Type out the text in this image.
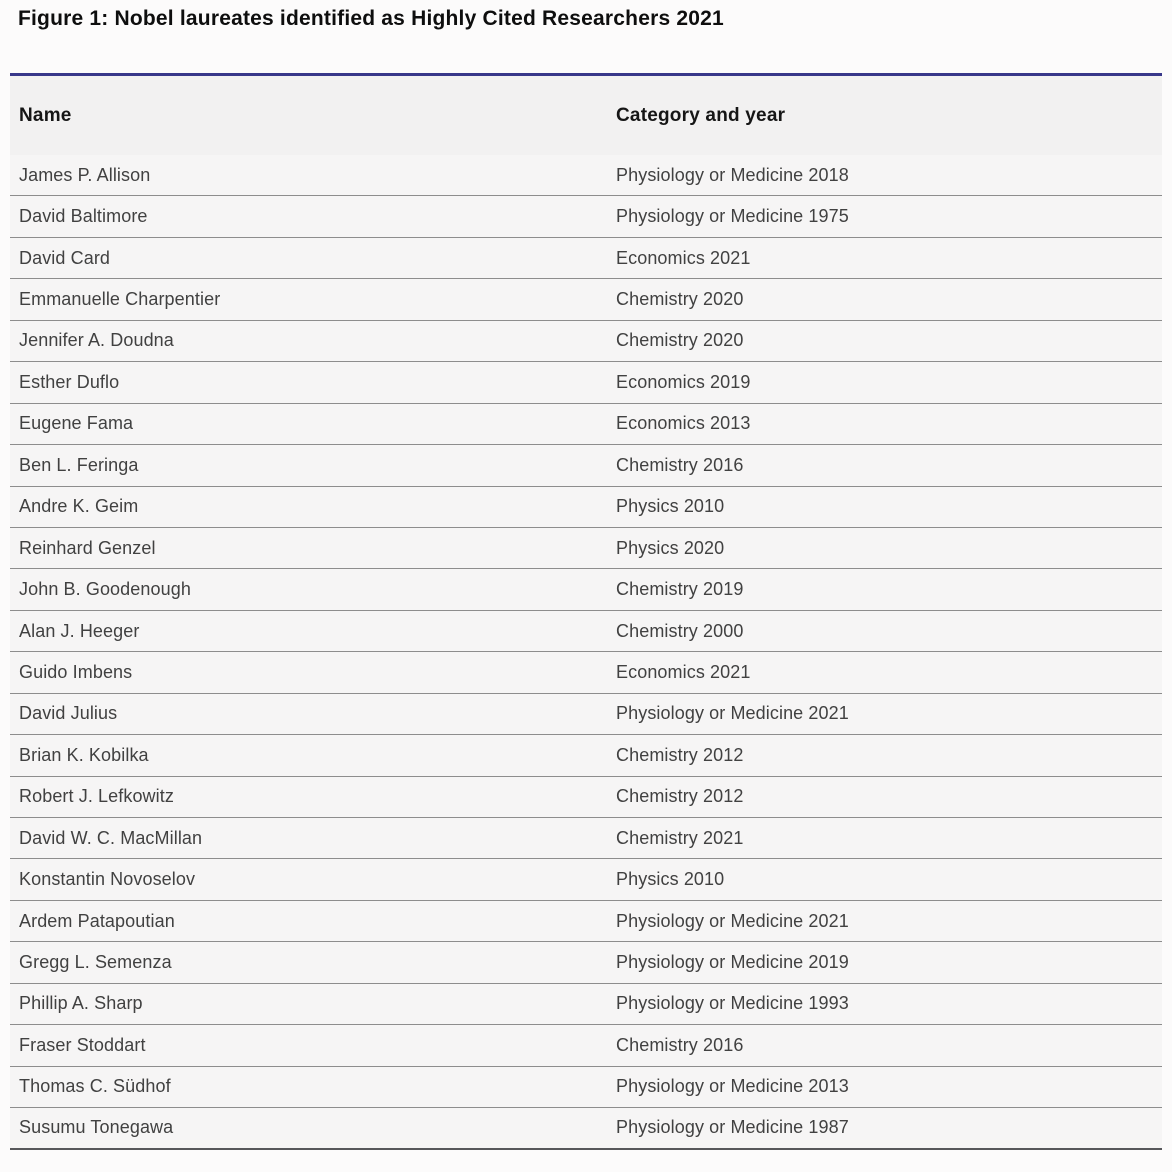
Figure 1: Nobel laureates identified as Highly Cited Researchers 2021
Name	Category and year
James P. Allison	Physiology or Medicine 2018
David Baltimore	Physiology or Medicine 1975
David Card	Economics 2021
Emmanuelle Charpentier	Chemistry 2020
Jennifer A. Doudna	Chemistry 2020
Esther Duflo	Economics 2019
Eugene Fama	Economics 2013
Ben L. Feringa	Chemistry 2016
Andre K. Geim	Physics 2010
Reinhard Genzel	Physics 2020
John B. Goodenough	Chemistry 2019
Alan J. Heeger	Chemistry 2000
Guido Imbens	Economics 2021
David Julius	Physiology or Medicine 2021
Brian K. Kobilka	Chemistry 2012
Robert J. Lefkowitz	Chemistry 2012
David W. C. MacMillan	Chemistry 2021
Konstantin Novoselov	Physics 2010
Ardem Patapoutian	Physiology or Medicine 2021
Gregg L. Semenza	Physiology or Medicine 2019
Phillip A. Sharp	Physiology or Medicine 1993
Fraser Stoddart	Chemistry 2016
Thomas C. Südhof	Physiology or Medicine 2013
Susumu Tonegawa	Physiology or Medicine 1987
